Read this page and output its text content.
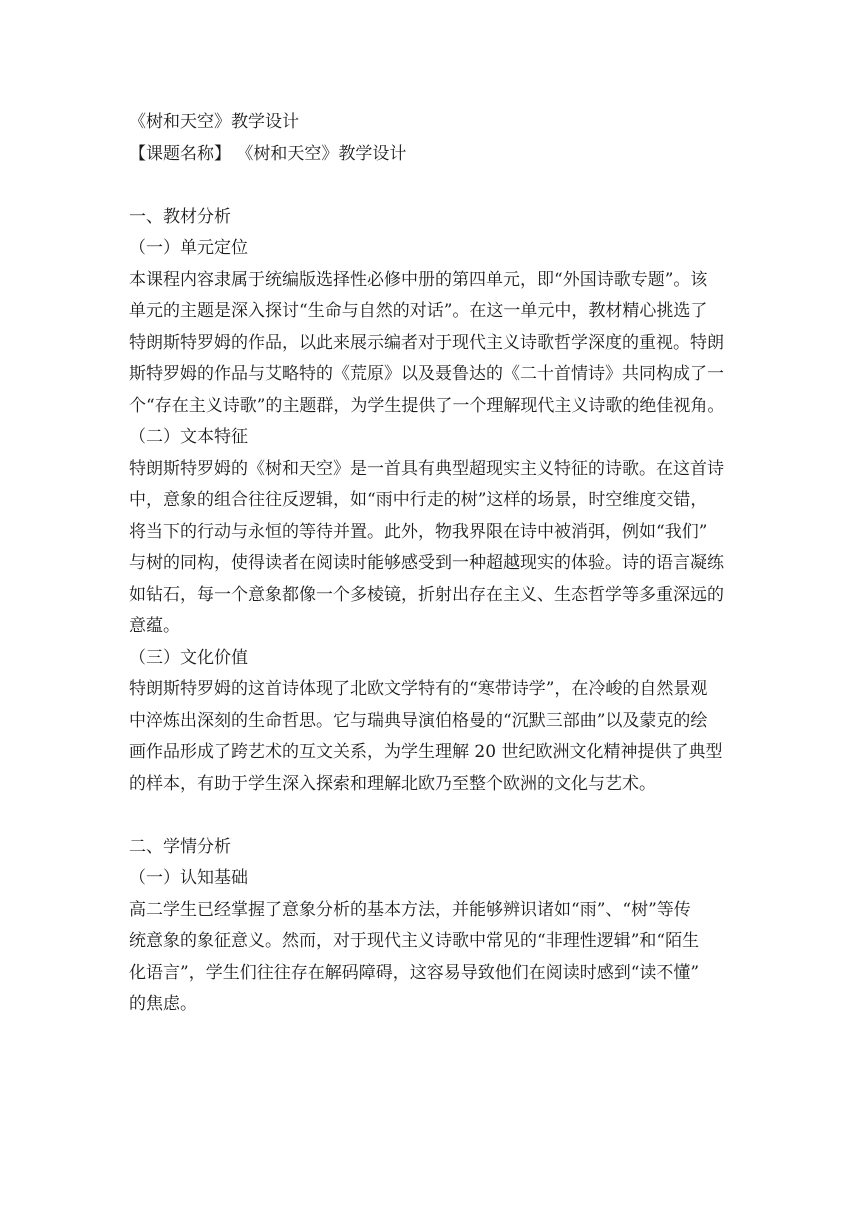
《树和天空》教学设计
【课题名称】 《树和天空》教学设计
一、教材分析
（一）单元定位
本课程内容隶属于统编版选择性必修中册的第四单元，即“外国诗歌专题”。该
单元的主题是深入探讨“生命与自然的对话”。在这一单元中，教材精心挑选了
特朗斯特罗姆的作品，以此来展示编者对于现代主义诗歌哲学深度的重视。特朗
斯特罗姆的作品与艾略特的《荒原》以及聂鲁达的《二十首情诗》共同构成了一
个“存在主义诗歌”的主题群，为学生提供了一个理解现代主义诗歌的绝佳视角。
（二）文本特征
特朗斯特罗姆的《树和天空》是一首具有典型超现实主义特征的诗歌。在这首诗
中，意象的组合往往反逻辑，如“雨中行走的树”这样的场景，时空维度交错，
将当下的行动与永恒的等待并置。此外，物我界限在诗中被消弭，例如“我们”
与树的同构，使得读者在阅读时能够感受到一种超越现实的体验。诗的语言凝练
如钻石，每一个意象都像一个多棱镜，折射出存在主义、生态哲学等多重深远的
意蕴。
（三）文化价值
特朗斯特罗姆的这首诗体现了北欧文学特有的“寒带诗学”，在冷峻的自然景观
中淬炼出深刻的生命哲思。它与瑞典导演伯格曼的“沉默三部曲”以及蒙克的绘
画作品形成了跨艺术的互文关系，为学生理解 20 世纪欧洲文化精神提供了典型
的样本，有助于学生深入探索和理解北欧乃至整个欧洲的文化与艺术。
二、学情分析
（一）认知基础
高二学生已经掌握了意象分析的基本方法，并能够辨识诸如“雨”、“树”等传
统意象的象征意义。然而，对于现代主义诗歌中常见的“非理性逻辑”和“陌生
化语言”，学生们往往存在解码障碍，这容易导致他们在阅读时感到“读不懂”
的焦虑。
